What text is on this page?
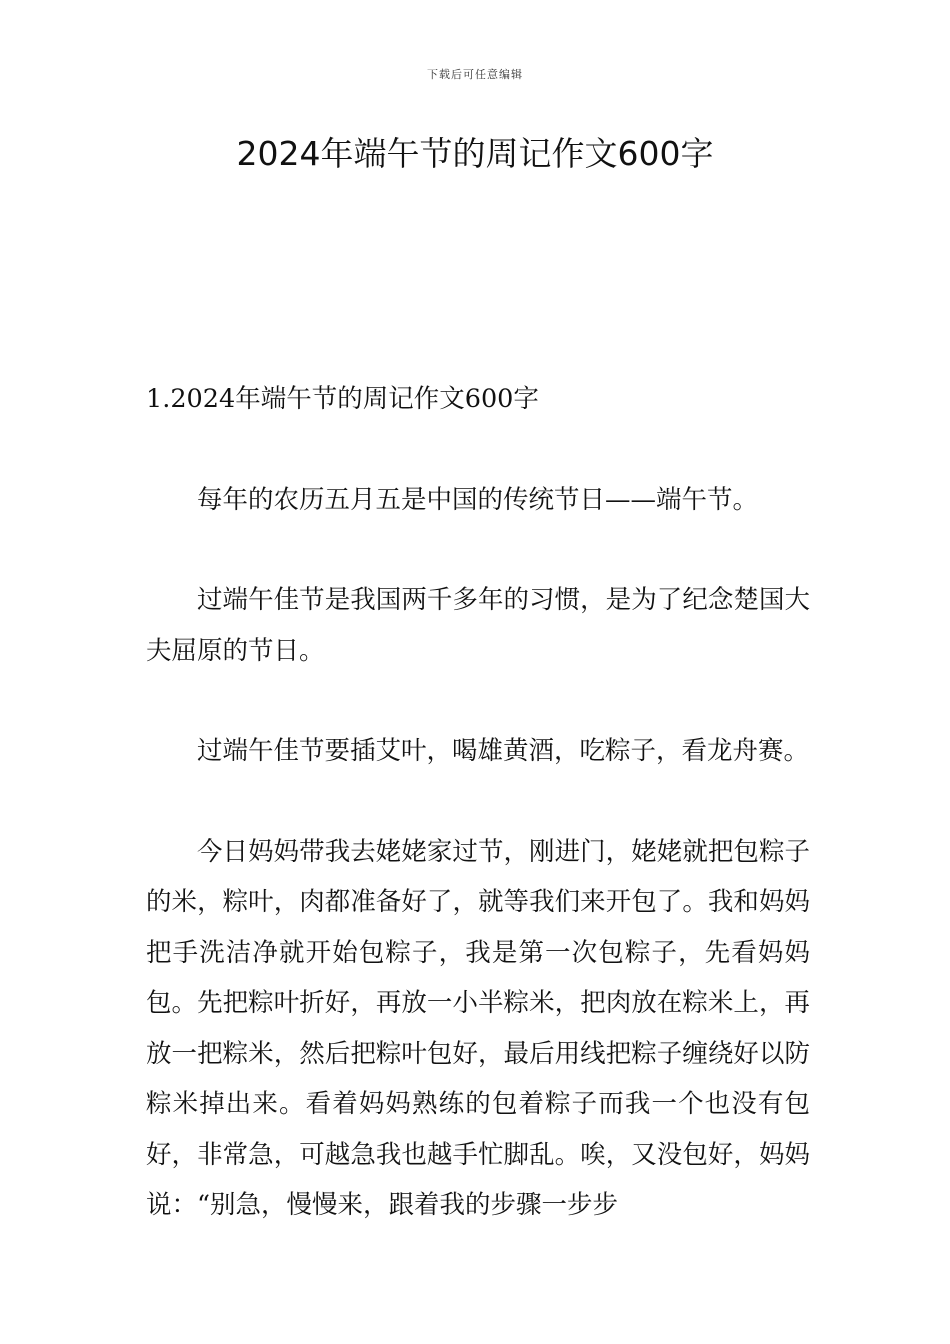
下载后可任意编辑
2024年端午节的周记作文600字

1.2024年端午节的周记作文600字

每年的农历五月五是中国的传统节日——端午节。

过端午佳节是我国两千多年的习惯，是为了纪念楚国大夫屈原的节日。

过端午佳节要插艾叶，喝雄黄酒，吃粽子，看龙舟赛。

今日妈妈带我去姥姥家过节，刚进门，姥姥就把包粽子的米，粽叶，肉都准备好了，就等我们来开包了。我和妈妈把手洗洁净就开始包粽子，我是第一次包粽子，先看妈妈包。先把粽叶折好，再放一小半粽米，把肉放在粽米上，再放一把粽米，然后把粽叶包好，最后用线把粽子缠绕好以防粽米掉出来。看着妈妈熟练的包着粽子而我一个也没有包好，非常急，可越急我也越手忙脚乱。唉，又没包好，妈妈说：“别急，慢慢来，跟着我的步骤一步步
